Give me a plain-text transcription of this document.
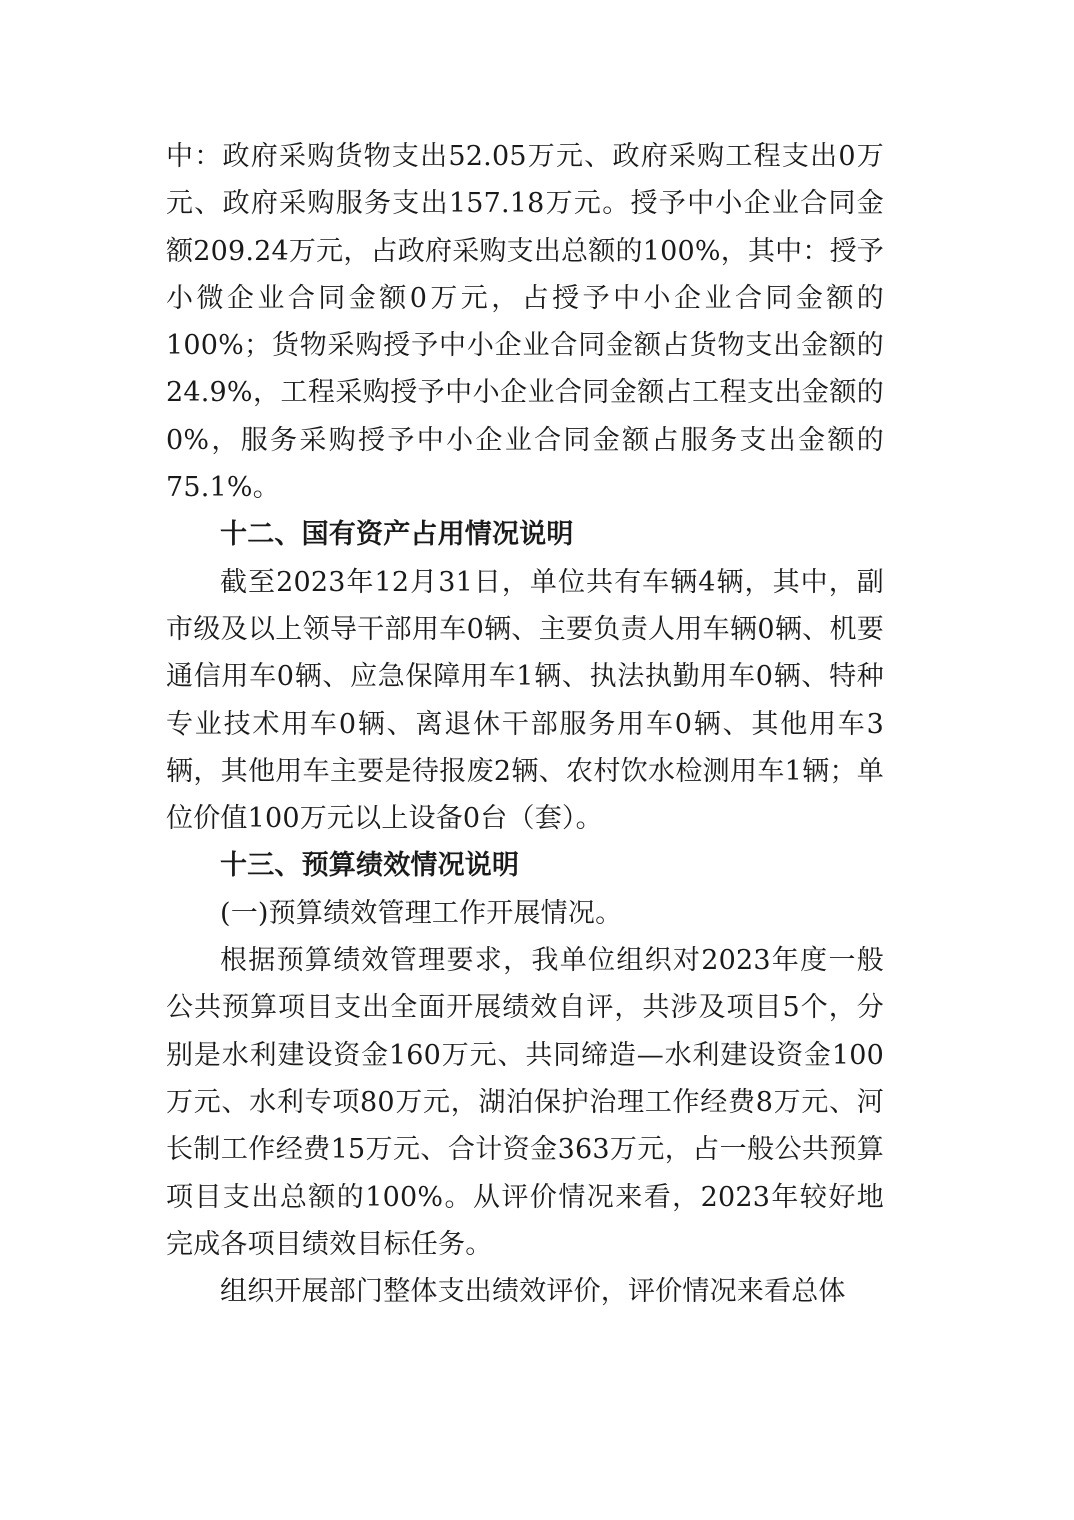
中：政府采购货物支出52.05万元、政府采购工程支出0万元、政府采购服务支出157.18万元。授予中小企业合同金额209.24万元，占政府采购支出总额的100%，其中：授予小微企业合同金额0万元，占授予中小企业合同金额的100%；货物采购授予中小企业合同金额占货物支出金额的24.9%，工程采购授予中小企业合同金额占工程支出金额的0%，服务采购授予中小企业合同金额占服务支出金额的75.1%。

十二、国有资产占用情况说明

截至2023年12月31日，单位共有车辆4辆，其中，副市级及以上领导干部用车0辆、主要负责人用车辆0辆、机要通信用车0辆、应急保障用车1辆、执法执勤用车0辆、特种专业技术用车0辆、离退休干部服务用车0辆、其他用车3辆，其他用车主要是待报废2辆、农村饮水检测用车1辆；单位价值100万元以上设备0台（套）。

十三、预算绩效情况说明

(一)预算绩效管理工作开展情况。

根据预算绩效管理要求，我单位组织对2023年度一般公共预算项目支出全面开展绩效自评，共涉及项目5个，分别是水利建设资金160万元、共同缔造—水利建设资金100万元、水利专项80万元，湖泊保护治理工作经费8万元、河长制工作经费15万元、合计资金363万元，占一般公共预算项目支出总额的100%。从评价情况来看，2023年较好地完成各项目绩效目标任务。

组织开展部门整体支出绩效评价，评价情况来看总体
